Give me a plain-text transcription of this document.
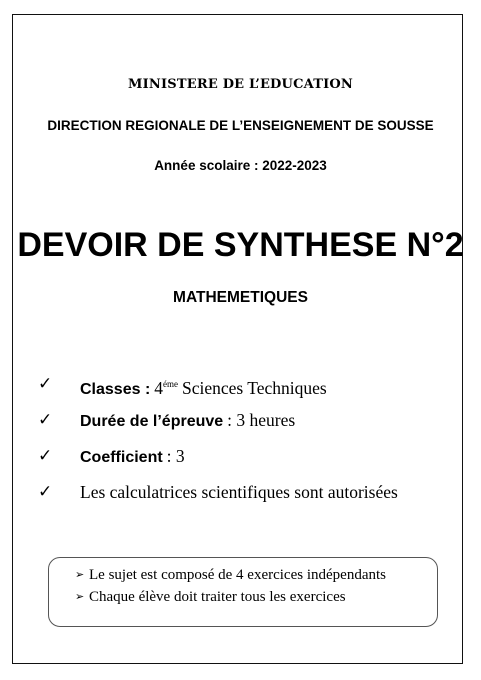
MINISTERE DE L’EDUCATION
DIRECTION REGIONALE DE L’ENSEIGNEMENT DE SOUSSE
Année scolaire : 2022-2023
DEVOIR DE SYNTHESE N°2
MATHEMETIQUES
✓ Classes : $4^{éme}$ Sciences Techniques
✓ Durée de l’épreuve : 3 heures
✓ Coefficient : 3
✓ Les calculatrices scientifiques sont autorisées
➢ Le sujet est composé de 4 exercices indépendants
➢ Chaque élève doit traiter tous les exercices
